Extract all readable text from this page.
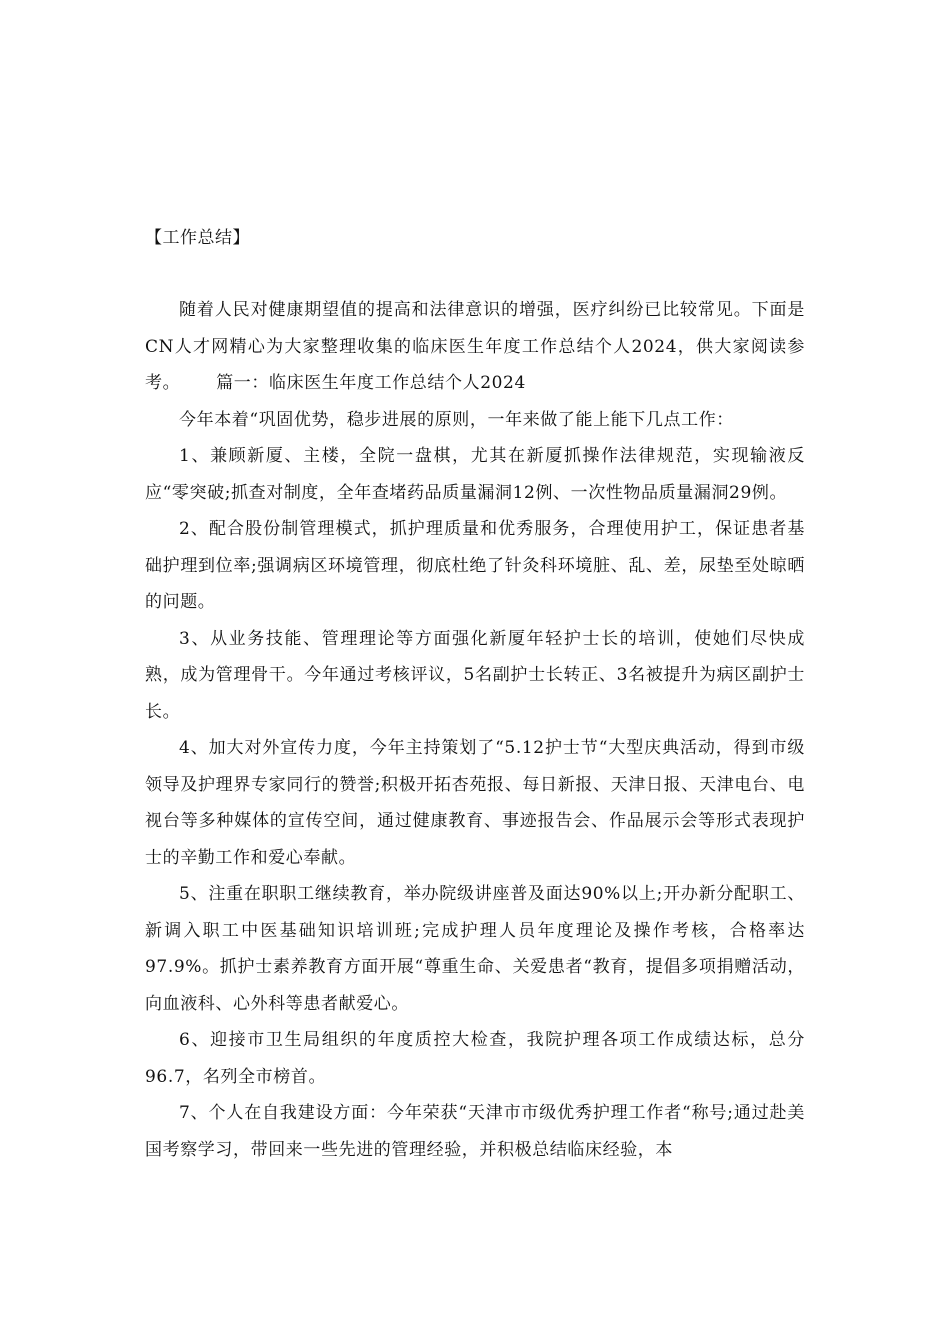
【工作总结】

随着人民对健康期望值的提高和法律意识的增强，医疗纠纷已比较常见。下面是CN人才网精心为大家整理收集的临床医生年度工作总结个人2024，供大家阅读参考。 篇一：临床医生年度工作总结个人2024

今年本着“巩固优势，稳步进展的原则，一年来做了能上能下几点工作：

1、兼顾新厦、主楼，全院一盘棋，尤其在新厦抓操作法律规范，实现输液反应“零突破;抓查对制度，全年查堵药品质量漏洞12例、一次性物品质量漏洞29例。

2、配合股份制管理模式，抓护理质量和优秀服务，合理使用护工，保证患者基础护理到位率;强调病区环境管理，彻底杜绝了针灸科环境脏、乱、差，尿垫至处晾晒的问题。

3、从业务技能、管理理论等方面强化新厦年轻护士长的培训，使她们尽快成熟，成为管理骨干。今年通过考核评议，5名副护士长转正、3名被提升为病区副护士长。

4、加大对外宣传力度，今年主持策划了“5.12护士节“大型庆典活动，得到市级领导及护理界专家同行的赞誉;积极开拓杏苑报、每日新报、天津日报、天津电台、电视台等多种媒体的宣传空间，通过健康教育、事迹报告会、作品展示会等形式表现护士的辛勤工作和爱心奉献。

5、注重在职职工继续教育，举办院级讲座普及面达90%以上;开办新分配职工、新调入职工中医基础知识培训班;完成护理人员年度理论及操作考核，合格率达97.9%。抓护士素养教育方面开展“尊重生命、关爱患者“教育，提倡多项捐赠活动，向血液科、心外科等患者献爱心。

6、迎接市卫生局组织的年度质控大检查，我院护理各项工作成绩达标，总分96.7，名列全市榜首。

7、个人在自我建设方面：今年荣获“天津市市级优秀护理工作者“称号;通过赴美国考察学习，带回来一些先进的管理经验，并积极总结临床经验，本
